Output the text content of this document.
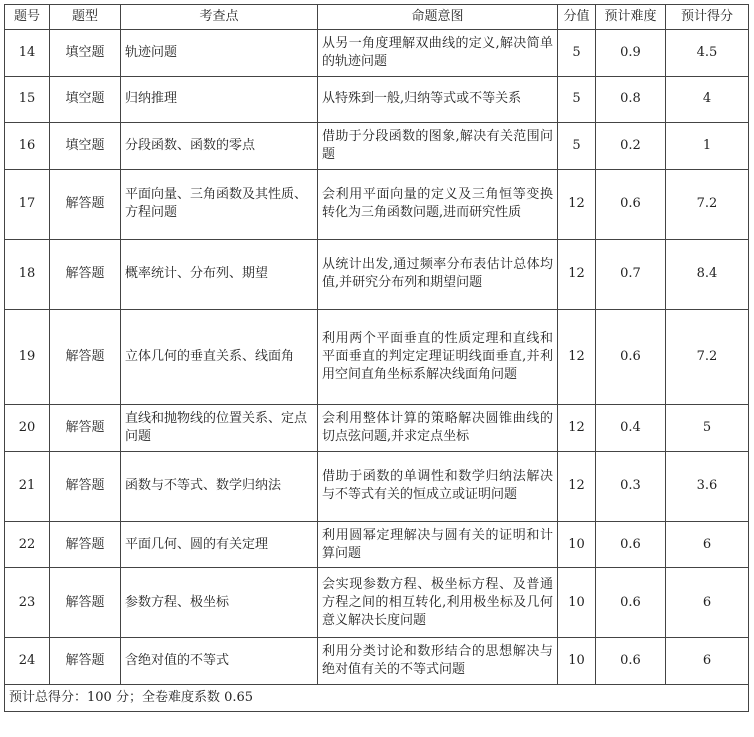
题号	题型	考查点	命题意图	分值	预计难度	预计得分
14	填空题	轨迹问题	从另一角度理解双曲线的定义,解决简单的轨迹问题	5	0.9	4.5
15	填空题	归纳推理	从特殊到一般,归纳等式或不等关系	5	0.8	4
16	填空题	分段函数、函数的零点	借助于分段函数的图象,解决有关范围问题	5	0.2	1
17	解答题	平面向量、三角函数及其性质、方程问题	会利用平面向量的定义及三角恒等变换转化为三角函数问题,进而研究性质	12	0.6	7.2
18	解答题	概率统计、分布列、期望	从统计出发,通过频率分布表估计总体均值,并研究分布列和期望问题	12	0.7	8.4
19	解答题	立体几何的垂直关系、线面角	利用两个平面垂直的性质定理和直线和平面垂直的判定定理证明线面垂直,并利用空间直角坐标系解决线面角问题	12	0.6	7.2
20	解答题	直线和抛物线的位置关系、定点问题	会利用整体计算的策略解决圆锥曲线的切点弦问题,并求定点坐标	12	0.4	5
21	解答题	函数与不等式、数学归纳法	借助于函数的单调性和数学归纳法解决与不等式有关的恒成立或证明问题	12	0.3	3.6
22	解答题	平面几何、圆的有关定理	利用圆幂定理解决与圆有关的证明和计算问题	10	0.6	6
23	解答题	参数方程、极坐标	会实现参数方程、极坐标方程、及普通方程之间的相互转化,利用极坐标及几何意义解决长度问题	10	0.6	6
24	解答题	含绝对值的不等式	利用分类讨论和数形结合的思想解决与绝对值有关的不等式问题	10	0.6	6
预计总得分：100 分；全卷难度系数 0.65						
